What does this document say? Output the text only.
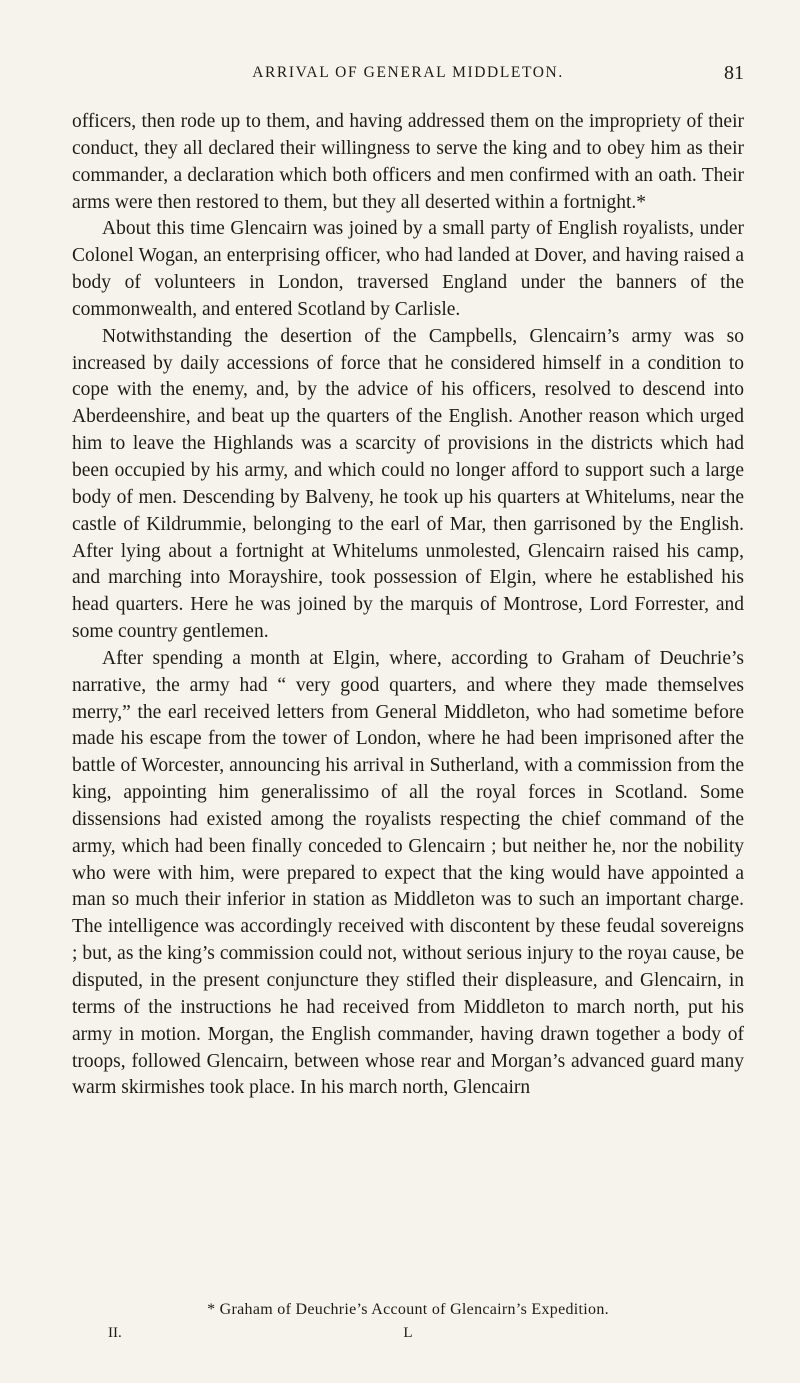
ARRIVAL OF GENERAL MIDDLETON.	81

officers, then rode up to them, and having addressed them on the impropriety of their conduct, they all declared their willingness to serve the king and to obey him as their commander, a declaration which both officers and men confirmed with an oath. Their arms were then restored to them, but they all deserted within a fortnight.*

About this time Glencairn was joined by a small party of English royalists, under Colonel Wogan, an enterprising officer, who had landed at Dover, and having raised a body of volunteers in London, traversed England under the banners of the commonwealth, and entered Scotland by Carlisle.

Notwithstanding the desertion of the Campbells, Glencairn’s army was so increased by daily accessions of force that he considered himself in a condition to cope with the enemy, and, by the advice of his officers, resolved to descend into Aberdeenshire, and beat up the quarters of the English. Another reason which urged him to leave the Highlands was a scarcity of provisions in the districts which had been occupied by his army, and which could no longer afford to support such a large body of men. Descending by Balveny, he took up his quarters at Whitelums, near the castle of Kildrummie, belonging to the earl of Mar, then garrisoned by the English. After lying about a fortnight at Whitelums unmolested, Glencairn raised his camp, and marching into Morayshire, took possession of Elgin, where he established his head quarters. Here he was joined by the marquis of Montrose, Lord Forrester, and some country gentlemen.

After spending a month at Elgin, where, according to Graham of Deuchrie’s narrative, the army had “ very good quarters, and where they made themselves merry,” the earl received letters from General Middleton, who had sometime before made his escape from the tower of London, where he had been imprisoned after the battle of Worcester, announcing his arrival in Sutherland, with a commission from the king, appointing him generalissimo of all the royal forces in Scotland. Some dissensions had existed among the royalists respecting the chief command of the army, which had been finally conceded to Glencairn ; but neither he, nor the nobility who were with him, were prepared to expect that the king would have appointed a man so much their inferior in station as Middleton was to such an important charge. The intelligence was accordingly received with discontent by these feudal sovereigns ; but, as the king’s commission could not, without serious injury to the royaı cause, be disputed, in the present conjuncture they stifled their displeasure, and Glencairn, in terms of the instructions he had received from Middleton to march north, put his army in motion. Morgan, the English commander, having drawn together a body of troops, followed Glencairn, between whose rear and Morgan’s advanced guard many warm skirmishes took place. In his march north, Glencairn

* Graham of Deuchrie’s Account of Glencairn’s Expedition.
II.	L
